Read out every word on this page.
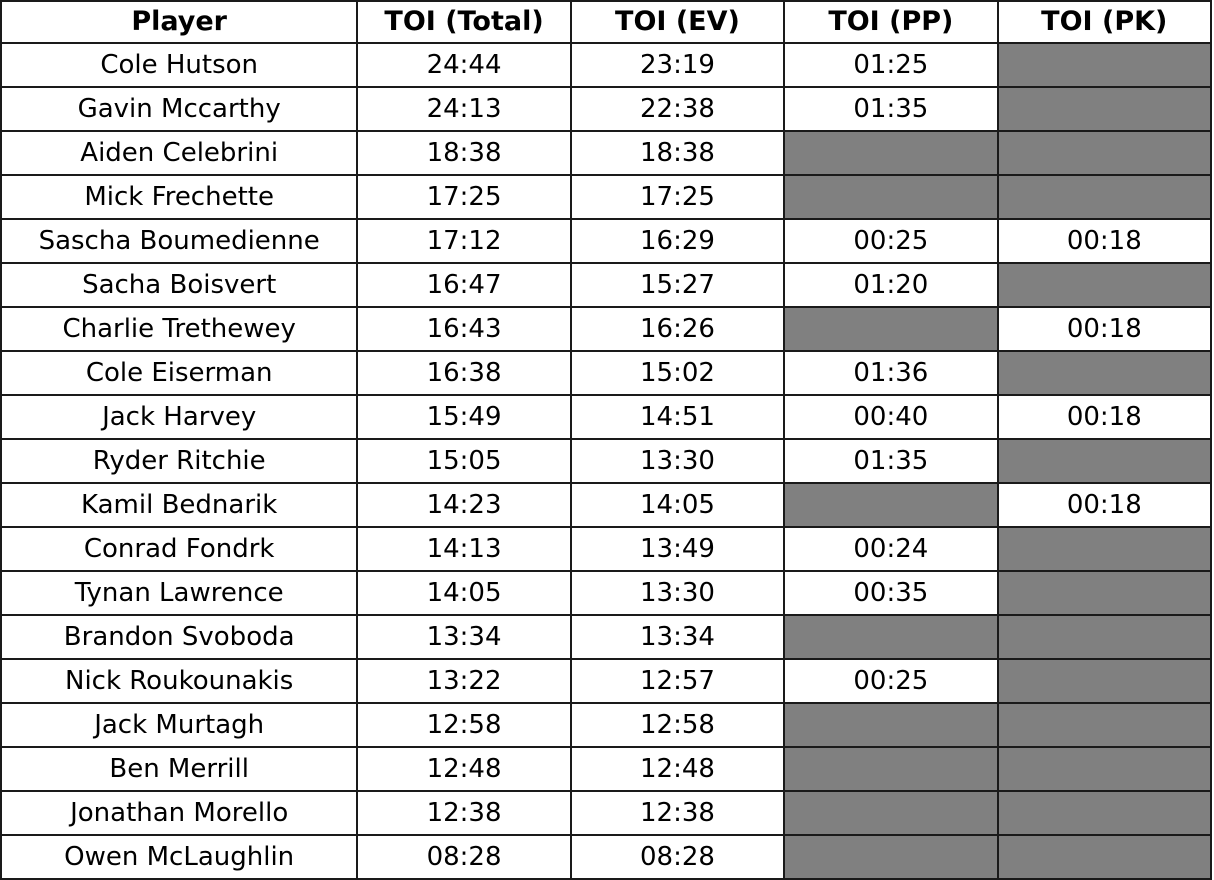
Player	TOI (Total)	TOI (EV)	TOI (PP)	TOI (PK)
Cole Hutson	24:44	23:19	01:25	
Gavin Mccarthy	24:13	22:38	01:35	
Aiden Celebrini	18:38	18:38		
Mick Frechette	17:25	17:25		
Sascha Boumedienne	17:12	16:29	00:25	00:18
Sacha Boisvert	16:47	15:27	01:20	
Charlie Trethewey	16:43	16:26		00:18
Cole Eiserman	16:38	15:02	01:36	
Jack Harvey	15:49	14:51	00:40	00:18
Ryder Ritchie	15:05	13:30	01:35	
Kamil Bednarik	14:23	14:05		00:18
Conrad Fondrk	14:13	13:49	00:24	
Tynan Lawrence	14:05	13:30	00:35	
Brandon Svoboda	13:34	13:34		
Nick Roukounakis	13:22	12:57	00:25	
Jack Murtagh	12:58	12:58		
Ben Merrill	12:48	12:48		
Jonathan Morello	12:38	12:38		
Owen McLaughlin	08:28	08:28		
